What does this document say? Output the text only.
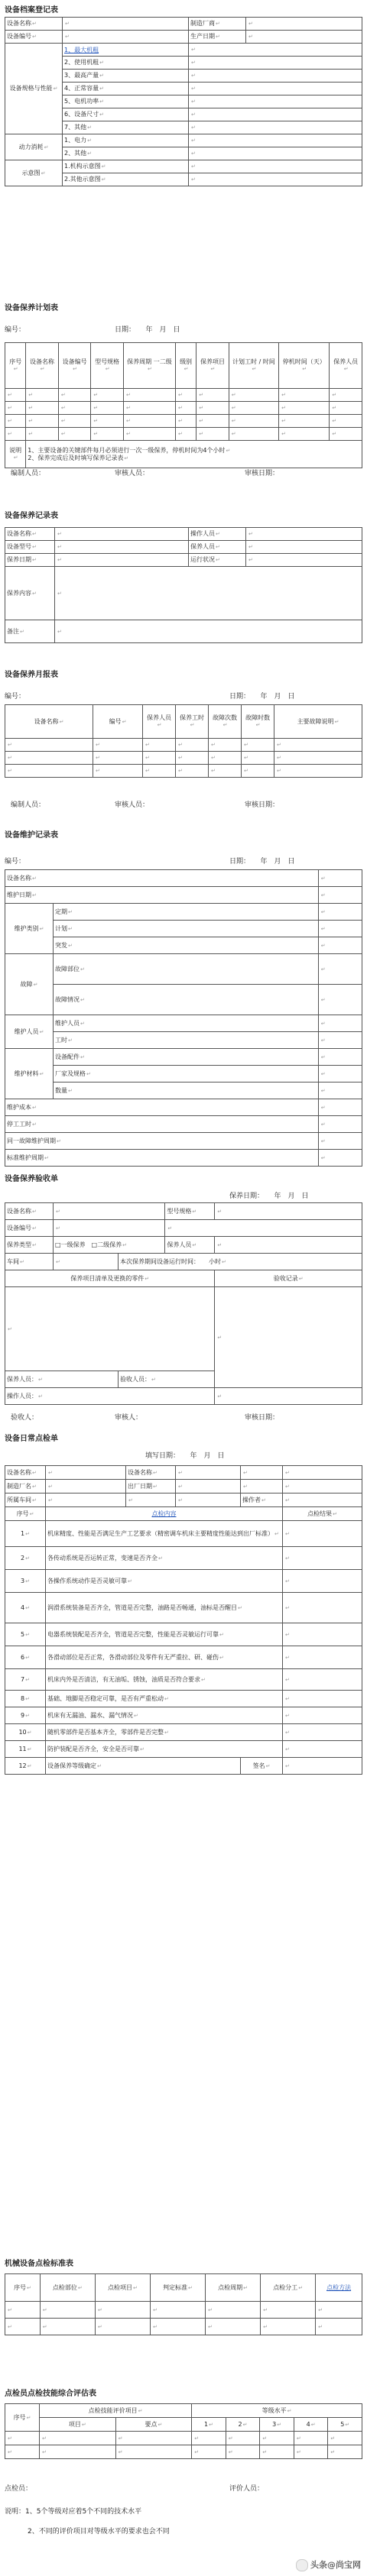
设备档案登记表
设备名称 ↵	↵	制造厂商 ↵	↵
设备编号 ↵	↵	生产日期 ↵	↵
设备规格与性能 ↵	1、最大机粗	↵
	2、使用机粗 ↵	↵
	3、最高产量 ↵	↵
	4、正常容量 ↵	↵
	5、电机功率 ↵	↵
	6、设备尺寸 ↵	↵
	7、其他 ↵	↵
动力消耗 ↵	1、电力 ↵	↵
	2、其他 ↵	↵
示意图 ↵	1.机构示意图 ↵	↵
	2.其他示意图 ↵	↵
设备保养计划表
编号：	日期：　　年　月　日
序号 ↵	设备名称 ↵	设备编号 ↵	型号规格 ↵	保养周期 一二级 ↵	级别 ↵	保养项目 ↵	计划工时 / 时间 ↵	停机时间（天） ↵	保养人员 ↵
↵	↵	↵	↵	↵	↵	↵	↵	↵	↵
↵	↵	↵	↵	↵	↵	↵	↵	↵	↵
↵	↵	↵	↵	↵	↵	↵	↵	↵	↵
↵	↵	↵	↵	↵	↵	↵	↵	↵	↵
说明 ↵	1、主要设备的关键部件每月必须进行一次一级保养，停机时间为4个小时 ↵
2、保养完成后及时填写保养记录表 ↵
编制人员：	审核人员：	审核日期：
设备保养记录表
设备名称 ↵	↵	操作人员 ↵	↵
设备型号 ↵	↵	保养人员 ↵	↵
保养日期 ↵	↵	运行状况 ↵	↵
保养内容 ↵	↵
备注 ↵	↵
设备保养月报表
编号：	日期：　　年　月　日
设备名称 ↵	编号 ↵	保养人员 ↵	保养工时 ↵	故障次数 ↵	故障时数 ↵	主要故障说明 ↵
↵	↵	↵	↵	↵	↵	↵
↵	↵	↵	↵	↵	↵	↵
↵	↵	↵	↵	↵	↵	↵
编制人员：	审核人员：	审核日期：
设备维护记录表
编号：	日期：　　年　月　日
设备名称 ↵	↵
维护日期 ↵	↵
维护类别 ↵	定期 ↵	↵
	计划 ↵	↵
	突发 ↵	↵
故障 ↵	故障部位 ↵	↵
	故障情况 ↵	↵
维护人员 ↵	维护人员 ↵	↵
	工时 ↵	↵
维护材料 ↵	设备配件 ↵	↵
	厂家及规格 ↵	↵
	数量 ↵	↵
维护成本 ↵	↵
停工工时 ↵	↵
同一故障维护周期 ↵	↵
标准维护周期 ↵	↵
设备保养验收单
保养日期：　　年　月　日
设备名称 ↵	↵		型号规格 ↵	↵
设备编号 ↵	↵	↵
保养类型 ↵	□一级保养　□二级保养 ↵		保养人员 ↵	↵
车间 ↵	↵	本次保养期间设备运行时间：　　小时 ↵
保养项目清单及更换的零件 ↵				验收记录 ↵
↵	↵
保养人员： ↵		验收人员： ↵
操作人员： ↵	↵
验收人：	审核人：	审核日期：
设备日常点检单
填写日期：　　年　月　日
设备名称 ↵	↵	设备名称 ↵	↵	↵	↵
制造厂名 ↵	↵	出厂日期 ↵	↵	↵	↵
所属车间 ↵	↵	↵	↵	操作者 ↵	↵
序号 ↵	点检内容				点检结果 ↵
1 ↵	机床精度、性能是否满足生产工艺要求（精密调车机床主要精度性能达到出厂标准） ↵	↵
2 ↵	各传动系统是否运转正常，变速是否齐全 ↵	↵
3 ↵	各操作系统动作是否灵敏可靠 ↵	↵
4 ↵	润滑系统装备是否齐全，管道是否完整，油路是否畅通，油标是否醒目 ↵	↵
5 ↵	电器系统装配是否齐全，管道是否完整，性能是否灵敏运行可靠 ↵	↵
6 ↵	各滑动部位是否正常，各滑动部位及零件有无严重拉、研、碰伤 ↵	↵
7 ↵	机床内外是否清洁，有无油垢、锈蚀，油质是否符合要求 ↵	↵
8 ↵	基础、地脚是否稳定可靠，是否有严重松动 ↵	↵
9 ↵	机床有无漏油、漏水、漏气情况 ↵	↵
10 ↵	随机零部件是否基本齐全，零部件是否完整 ↵	↵
11 ↵	防护装配是否齐全，安全是否可靠 ↵	↵
12 ↵	设备保养等级确定 ↵			签名 ↵	↵
机械设备点检标准表
序号 ↵	点检部位 ↵	点检项目 ↵	判定标准 ↵	点检周期 ↵	点检分工 ↵	点检方法
↵	↵	↵	↵	↵	↵	↵
↵	↵	↵	↵	↵	↵	↵
点检员点检技能综合评估表
序号 ↵	点检技能评价项目 ↵		等级水平 ↵
	项目 ↵	要点 ↵	1 ↵	2 ↵	3 ↵	4 ↵	5 ↵
↵	↵	↵	↵	↵	↵	↵	↵
↵	↵	↵	↵	↵	↵	↵	↵
点检员：	评价人员：
说明：1、5个等级对应着5个不同的技术水平
2、不同的评价项目对等级水平的要求也会不同
头条@尚宝网
